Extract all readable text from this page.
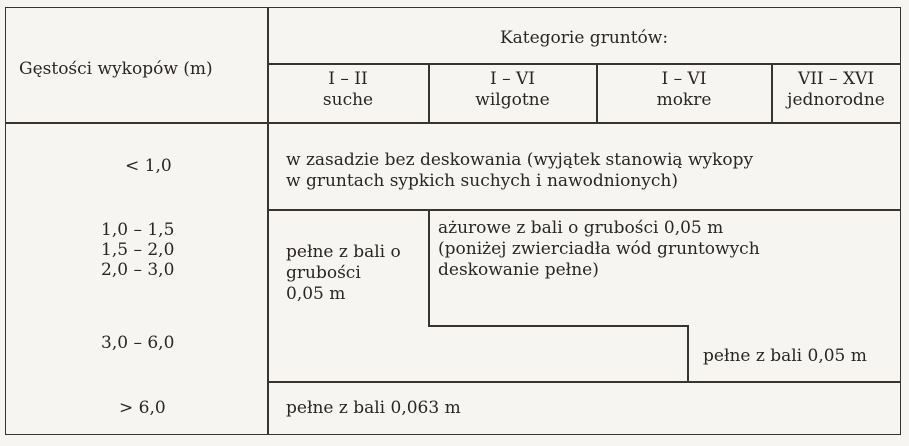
Gęstości wykopów (m)
Kategorie gruntów:
I – II
suche
I – VI
wilgotne
I – VI
mokre
VII – XVI
jednorodne
< 1,0
1,0 – 1,5
1,5 – 2,0
2,0 – 3,0
3,0 – 6,0
> 6,0
w zasadzie bez deskowania (wyjątek stanowią wykopy
w gruntach sypkich suchych i nawodnionych)
pełne z bali o
grubości
0,05 m
ażurowe z bali o grubości 0,05 m
(poniżej zwierciadła wód gruntowych
deskowanie pełne)
pełne z bali 0,05 m
pełne z bali 0,063 m
